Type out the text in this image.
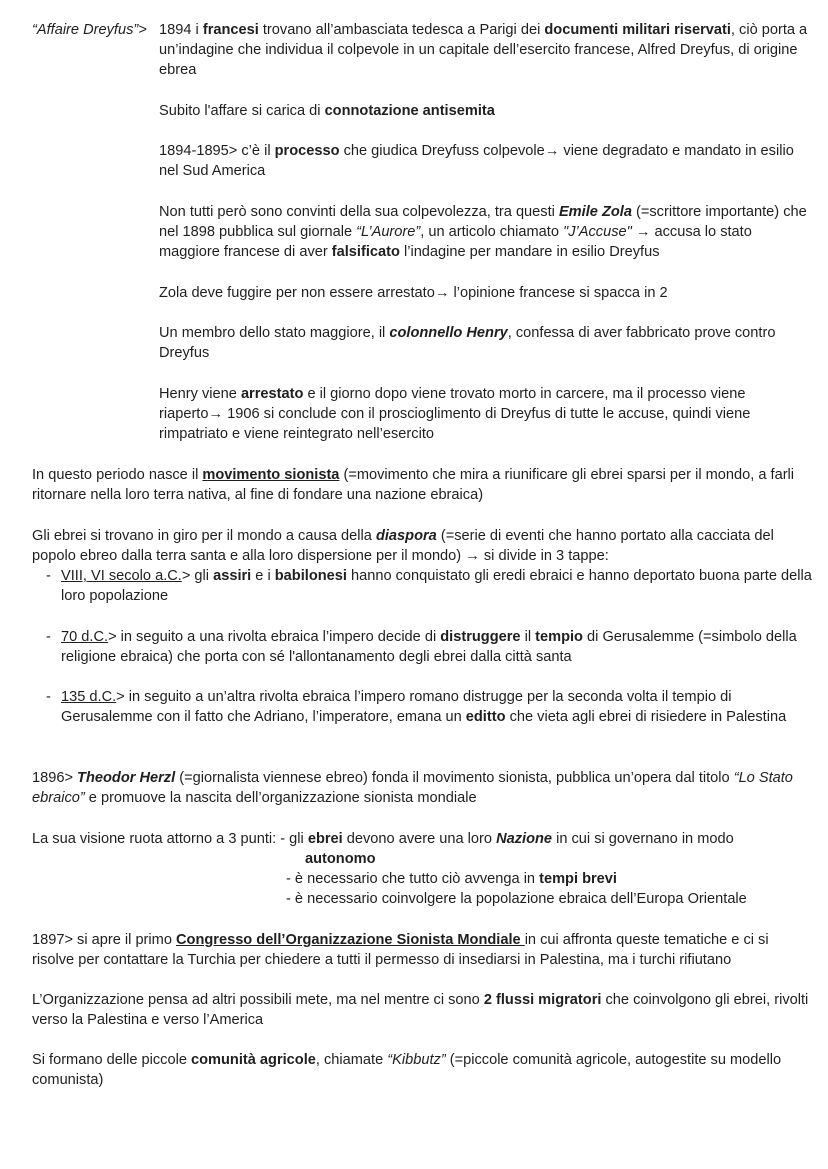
“Affaire Dreyfus”> 1894 i francesi trovano all’ambasciata tedesca a Parigi dei documenti militari riservati, ciò porta a un’indagine che individua il colpevole in un capitale dell’esercito francese, Alfred Dreyfus, di origine ebrea

Subito l'affare si carica di connotazione antisemita

1894-1895> c’è il processo che giudica Dreyfuss colpevole→ viene degradato e mandato in esilio nel Sud America

Non tutti però sono convinti della sua colpevolezza, tra questi Emile Zola (=scrittore importante) che nel 1898 pubblica sul giornale “L’Aurore”, un articolo chiamato "J’Accuse" → accusa lo stato maggiore francese di aver falsificato l’indagine per mandare in esilio Dreyfus

Zola deve fuggire per non essere arrestato→ l’opinione francese si spacca in 2

Un membro dello stato maggiore, il colonnello Henry, confessa di aver fabbricato prove contro Dreyfus

Henry viene arrestato e il giorno dopo viene trovato morto in carcere, ma il processo viene riaperto→ 1906 si conclude con il proscioglimento di Dreyfus di tutte le accuse, quindi viene rimpatriato e viene reintegrato nell’esercito

In questo periodo nasce il movimento sionista (=movimento che mira a riunificare gli ebrei sparsi per il mondo, a farli ritornare nella loro terra nativa, al fine di fondare una nazione ebraica)

Gli ebrei si trovano in giro per il mondo a causa della diaspora (=serie di eventi che hanno portato alla cacciata del popolo ebreo dalla terra santa e alla loro dispersione per il mondo) → si divide in 3 tappe:

- VIII, VI secolo a.C.> gli assiri e i babilonesi hanno conquistato gli eredi ebraici e hanno deportato buona parte della loro popolazione

- 70 d.C.> in seguito a una rivolta ebraica l’impero decide di distruggere il tempio di Gerusalemme (=simbolo della religione ebraica) che porta con sé l'allontanamento degli ebrei dalla città santa

- 135 d.C.> in seguito a un’altra rivolta ebraica l’impero romano distrugge per la seconda volta il tempio di Gerusalemme con il fatto che Adriano, l’imperatore, emana un editto che vieta agli ebrei di risiedere in Palestina

1896> Theodor Herzl (=giornalista viennese ebreo) fonda il movimento sionista, pubblica un’opera dal titolo “Lo Stato ebraico” e promuove la nascita dell’organizzazione sionista mondiale

La sua visione ruota attorno a 3 punti: - gli ebrei devono avere una loro Nazione in cui si governano in modo

autonomo

- è necessario che tutto ciò avvenga in tempi brevi

- è necessario coinvolgere la popolazione ebraica dell’Europa Orientale

1897> si apre il primo Congresso dell’Organizzazione Sionista Mondiale in cui affronta queste tematiche e ci si risolve per contattare la Turchia per chiedere a tutti il permesso di insediarsi in Palestina, ma i turchi rifiutano

L’Organizzazione pensa ad altri possibili mete, ma nel mentre ci sono 2 flussi migratori che coinvolgono gli ebrei, rivolti verso la Palestina e verso l’America

Si formano delle piccole comunità agricole, chiamate “Kibbutz” (=piccole comunità agricole, autogestite su modello comunista)
